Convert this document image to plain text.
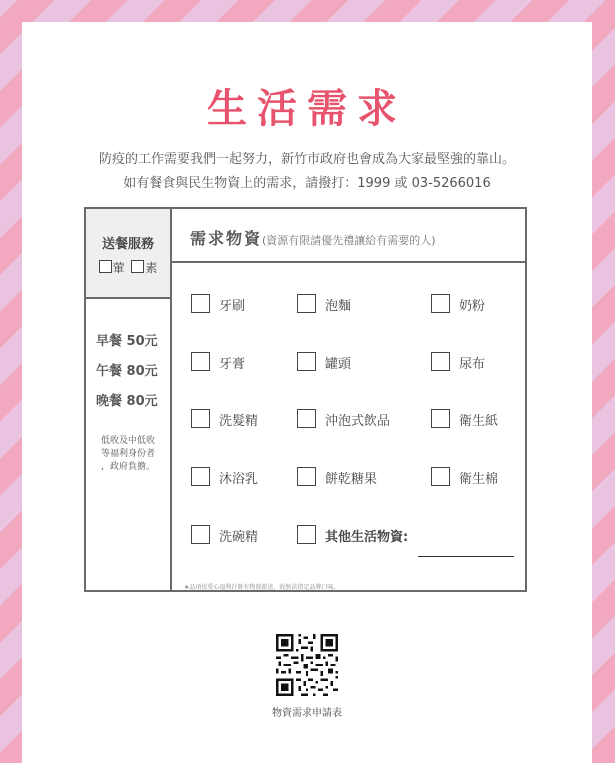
生活需求
防疫的工作需要我們一起努力，新竹市政府也會成為大家最堅強的靠山。
如有餐食與民生物資上的需求，請撥打：1999 或 03-5266016
送餐服務
葷 素
早餐 50元
午餐 80元
晚餐 80元
低收及中低收
等福利身份者
，政府負擔。
需求物資(資源有限請優先禮讓給有需要的人)
牙刷	泡麵	奶粉
牙膏	罐頭	尿布
洗髮精	沖泡式飲品	衛生紙
沐浴乳	餅乾糖果	衛生棉
洗碗精	其他生活物資:
★品項依愛心福利社既有物資派送，故無法指定品牌口味。
物資需求申請表
